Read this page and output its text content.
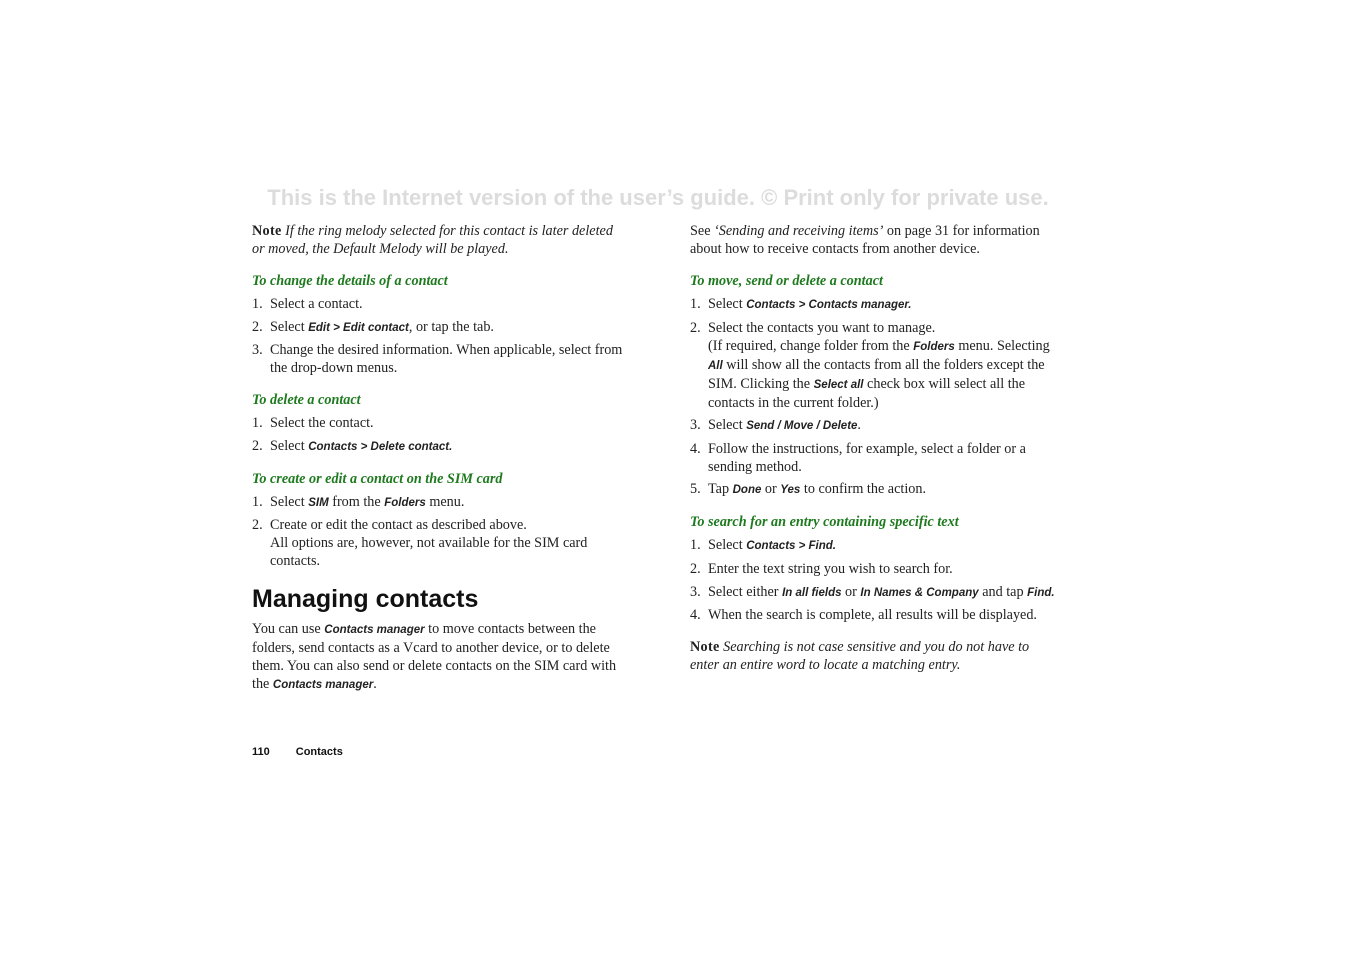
This is the Internet version of the user’s guide. © Print only for private use.

Note If the ring melody selected for this contact is later deleted or moved, the Default Melody will be played.

To change the details of a contact
1. Select a contact.
2. Select Edit > Edit contact, or tap the tab.
3. Change the desired information. When applicable, select from the drop-down menus.
To delete a contact
1. Select the contact.
2. Select Contacts > Delete contact.
To create or edit a contact on the SIM card
1. Select SIM from the Folders menu.
2. Create or edit the contact as described above.
All options are, however, not available for the SIM card contacts.
Managing contacts

You can use Contacts manager to move contacts between the folders, send contacts as a Vcard to another device, or to delete them. You can also send or delete contacts on the SIM card with the Contacts manager.

See ‘Sending and receiving items’ on page 31 for information about how to receive contacts from another device.

To move, send or delete a contact
1. Select Contacts > Contacts manager.
2. Select the contacts you want to manage.
(If required, change folder from the Folders menu. Selecting All will show all the contacts from all the folders except the SIM. Clicking the Select all check box will select all the contacts in the current folder.)
3. Select Send / Move / Delete.
4. Follow the instructions, for example, select a folder or a sending method.
5. Tap Done or Yes to confirm the action.
To search for an entry containing specific text
1. Select Contacts > Find.
2. Enter the text string you wish to search for.
3. Select either In all fields or In Names & Company and tap Find.
4. When the search is complete, all results will be displayed.

Note Searching is not case sensitive and you do not have to enter an entire word to locate a matching entry.

110 Contacts
